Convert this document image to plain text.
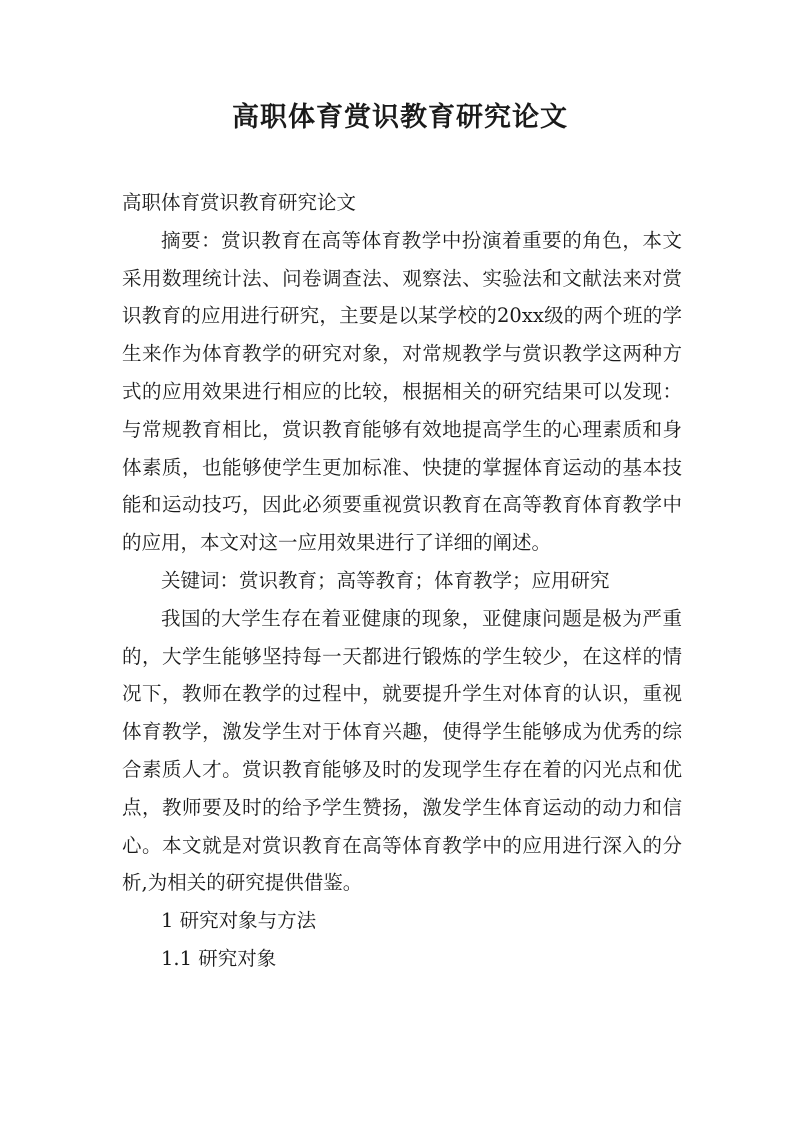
高职体育赏识教育研究论文

高职体育赏识教育研究论文

摘要：赏识教育在高等体育教学中扮演着重要的角色，本文采用数理统计法、问卷调查法、观察法、实验法和文献法来对赏识教育的应用进行研究，主要是以某学校的20xx级的两个班的学生来作为体育教学的研究对象，对常规教学与赏识教学这两种方式的应用效果进行相应的比较，根据相关的研究结果可以发现：与常规教育相比，赏识教育能够有效地提高学生的心理素质和身体素质，也能够使学生更加标准、快捷的掌握体育运动的基本技能和运动技巧，因此必须要重视赏识教育在高等教育体育教学中的应用，本文对这一应用效果进行了详细的阐述。

关键词：赏识教育；高等教育；体育教学；应用研究

我国的大学生存在着亚健康的现象，亚健康问题是极为严重的，大学生能够坚持每一天都进行锻炼的学生较少，在这样的情况下，教师在教学的过程中，就要提升学生对体育的认识，重视体育教学，激发学生对于体育兴趣，使得学生能够成为优秀的综合素质人才。赏识教育能够及时的发现学生存在着的闪光点和优点，教师要及时的给予学生赞扬，激发学生体育运动的动力和信心。本文就是对赏识教育在高等体育教学中的应用进行深入的分析,为相关的研究提供借鉴。

1 研究对象与方法

1.1 研究对象
